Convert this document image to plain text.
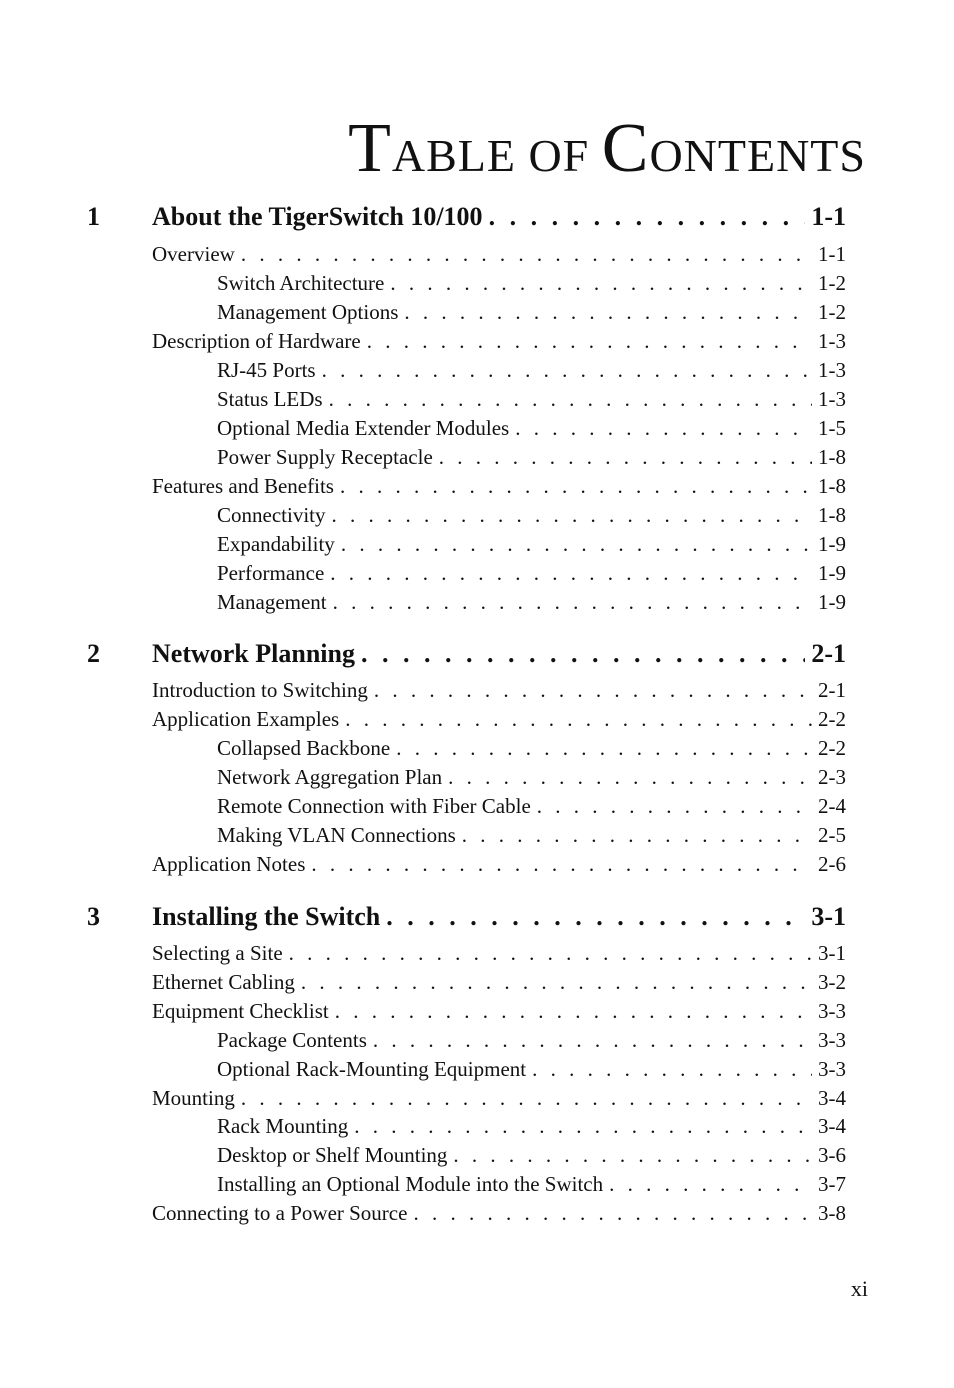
TABLE OF CONTENTS
1 About the TigerSwitch 10/100 . . .	1-1
Overview . . .	1-1
Switch Architecture . . .	1-2
Management Options . . .	1-2
Description of Hardware . . .	1-3
RJ-45 Ports . . .	1-3
Status LEDs . . .	1-3
Optional Media Extender Modules . . .	1-5
Power Supply Receptacle . . .	1-8
Features and Benefits . . .	1-8
Connectivity . . .	1-8
Expandability . . .	1-9
Performance . . .	1-9
Management . . .	1-9
2 Network Planning . . .	2-1
Introduction to Switching . . .	2-1
Application Examples . . .	2-2
Collapsed Backbone . . .	2-2
Network Aggregation Plan . . .	2-3
Remote Connection with Fiber Cable . . .	2-4
Making VLAN Connections . . .	2-5
Application Notes . . .	2-6
3 Installing the Switch . . .	3-1
Selecting a Site . . .	3-1
Ethernet Cabling . . .	3-2
Equipment Checklist . . .	3-3
Package Contents . . .	3-3
Optional Rack-Mounting Equipment . . .	3-3
Mounting . . .	3-4
Rack Mounting . . .	3-4
Desktop or Shelf Mounting . . .	3-6
Installing an Optional Module into the Switch . . .	3-7
Connecting to a Power Source . . .	3-8
xi
